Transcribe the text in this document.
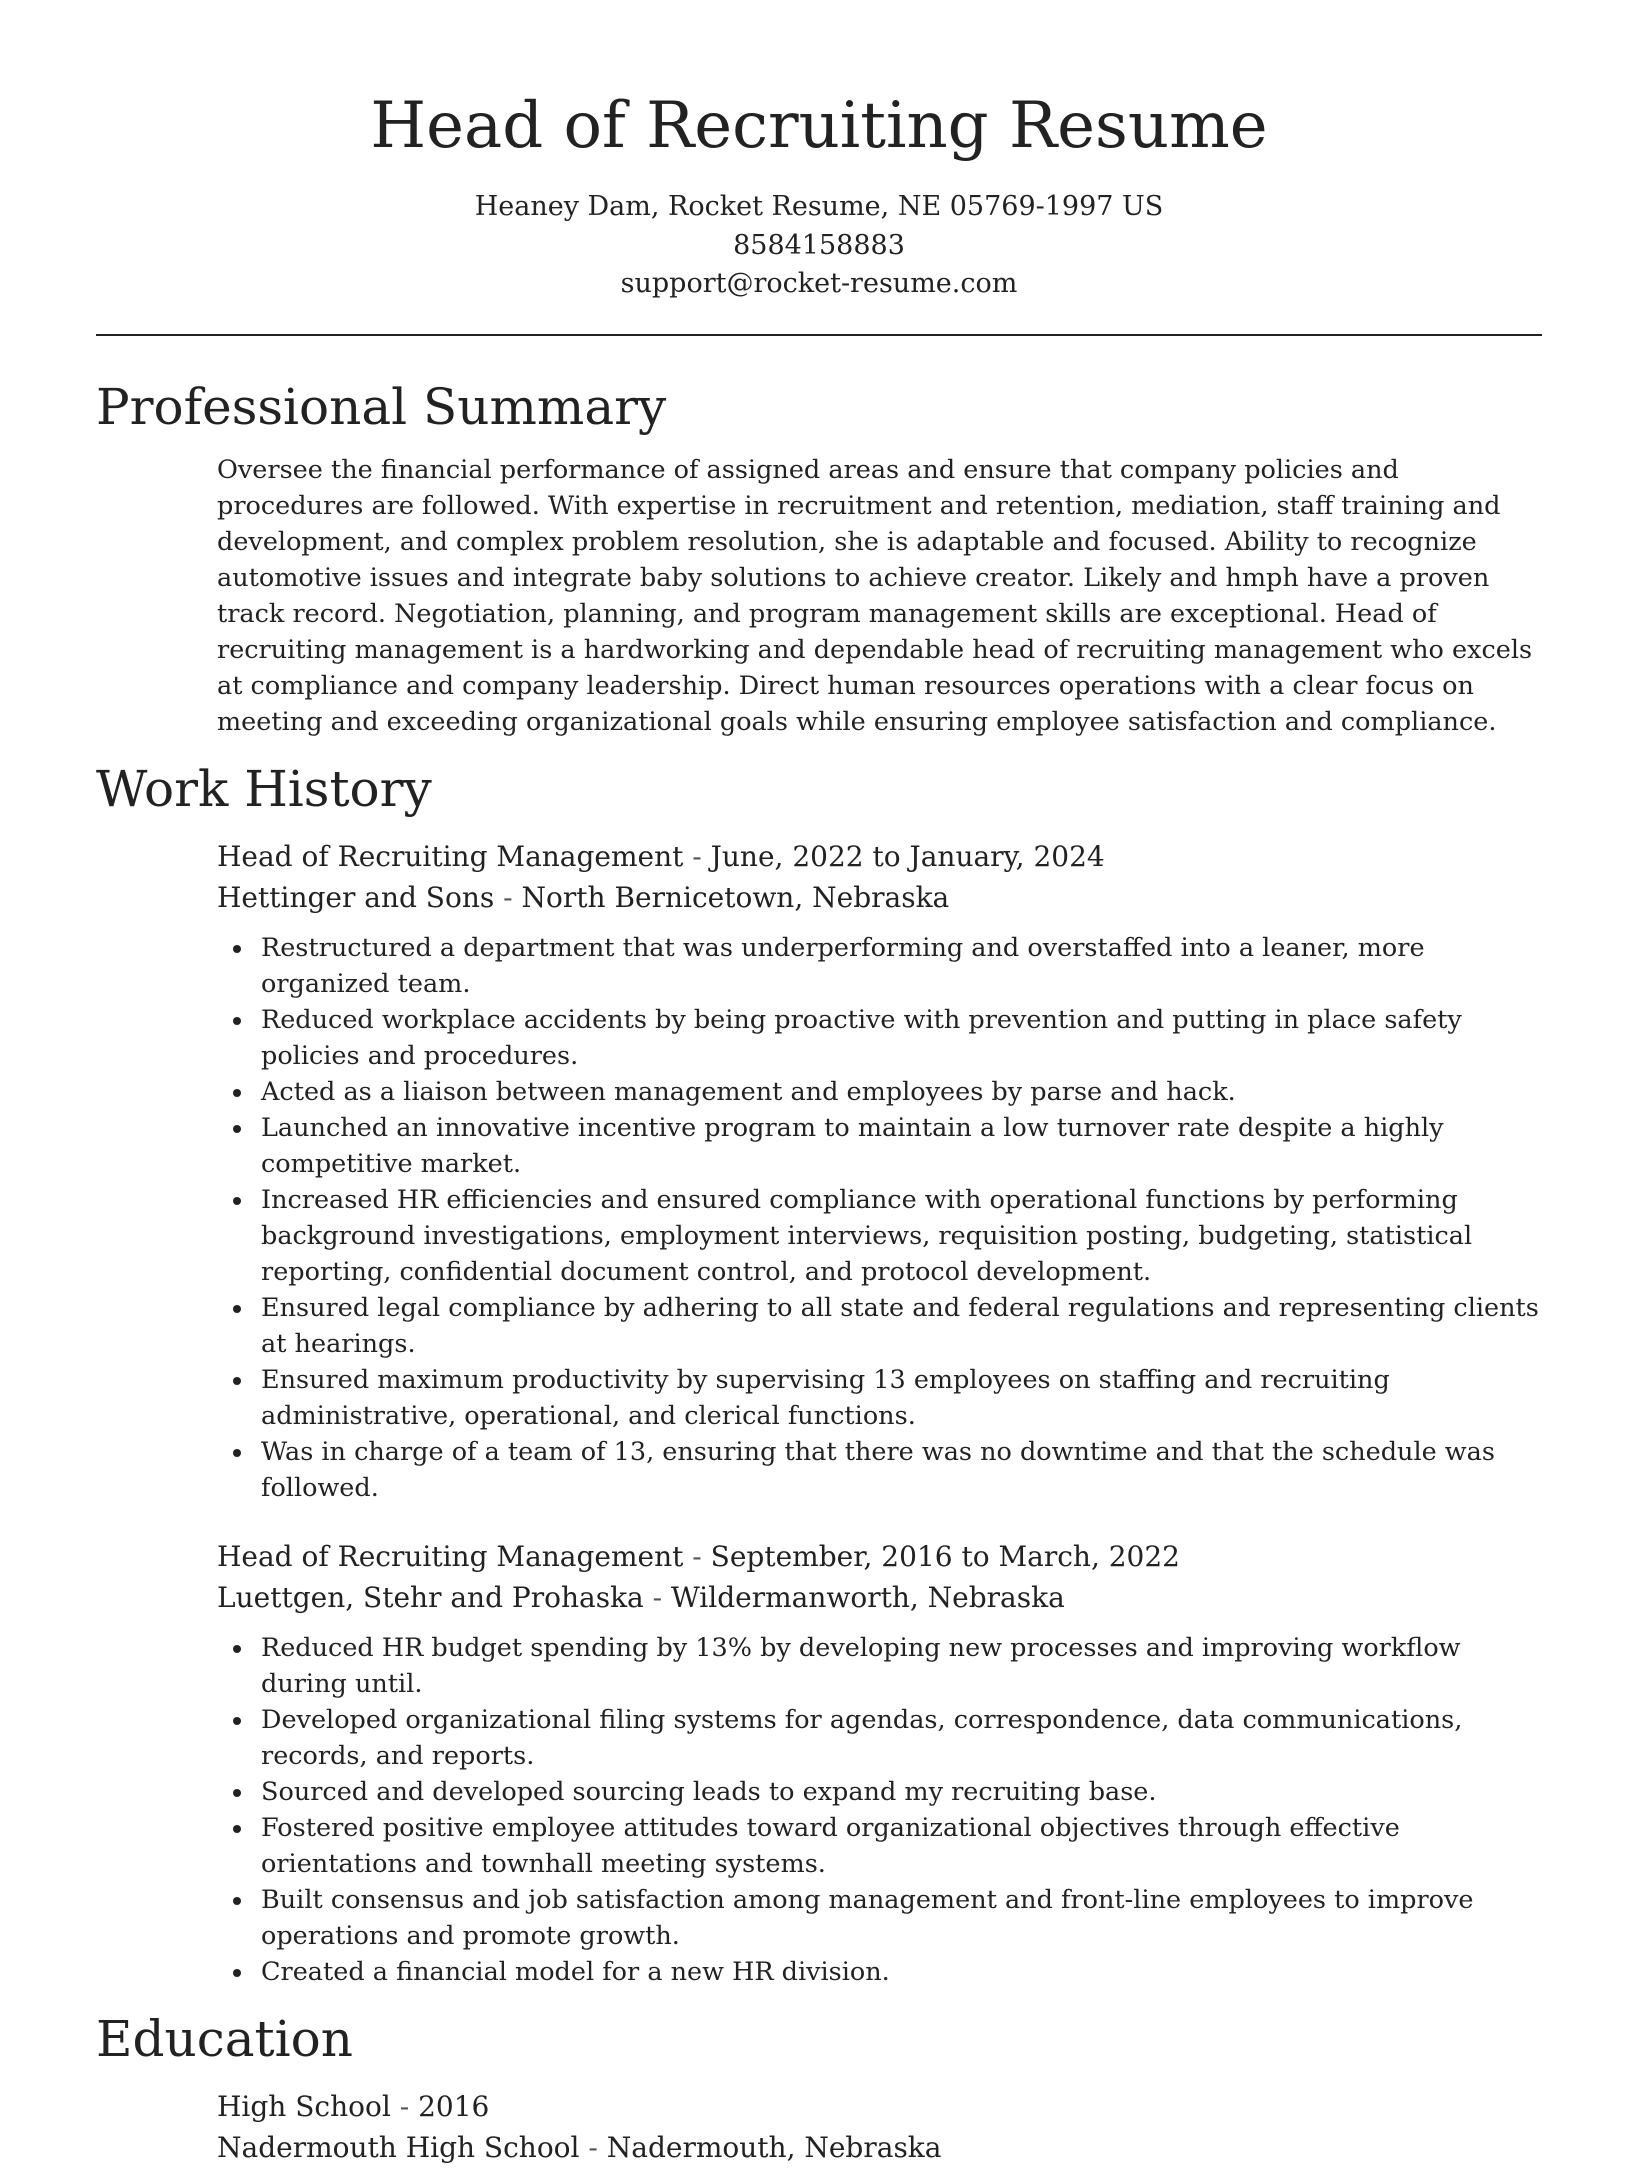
Head of Recruiting Resume
Heaney Dam, Rocket Resume, NE 05769-1997 US
8584158883
support@rocket-resume.com
Professional Summary

Oversee the financial performance of assigned areas and ensure that company policies and procedures are followed. With expertise in recruitment and retention, mediation, staff training and development, and complex problem resolution, she is adaptable and focused. Ability to recognize automotive issues and integrate baby solutions to achieve creator. Likely and hmph have a proven track record. Negotiation, planning, and program management skills are exceptional. Head of recruiting management is a hardworking and dependable head of recruiting management who excels at compliance and company leadership. Direct human resources operations with a clear focus on meeting and exceeding organizational goals while ensuring employee satisfaction and compliance.

Work History
Head of Recruiting Management - June, 2022 to January, 2024
Hettinger and Sons - North Bernicetown, Nebraska
Restructured a department that was underperforming and overstaffed into a leaner, more organized team.
Reduced workplace accidents by being proactive with prevention and putting in place safety policies and procedures.
Acted as a liaison between management and employees by parse and hack.
Launched an innovative incentive program to maintain a low turnover rate despite a highly competitive market.
Increased HR efficiencies and ensured compliance with operational functions by performing background investigations, employment interviews, requisition posting, budgeting, statistical reporting, confidential document control, and protocol development.
Ensured legal compliance by adhering to all state and federal regulations and representing clients at hearings.
Ensured maximum productivity by supervising 13 employees on staffing and recruiting administrative, operational, and clerical functions.
Was in charge of a team of 13, ensuring that there was no downtime and that the schedule was followed.
Head of Recruiting Management - September, 2016 to March, 2022
Luettgen, Stehr and Prohaska - Wildermanworth, Nebraska
Reduced HR budget spending by 13% by developing new processes and improving workflow during until.
Developed organizational filing systems for agendas, correspondence, data communications, records, and reports.
Sourced and developed sourcing leads to expand my recruiting base.
Fostered positive employee attitudes toward organizational objectives through effective orientations and townhall meeting systems.
Built consensus and job satisfaction among management and front-line employees to improve operations and promote growth.
Created a financial model for a new HR division.
Education
High School - 2016
Nadermouth High School - Nadermouth, Nebraska
